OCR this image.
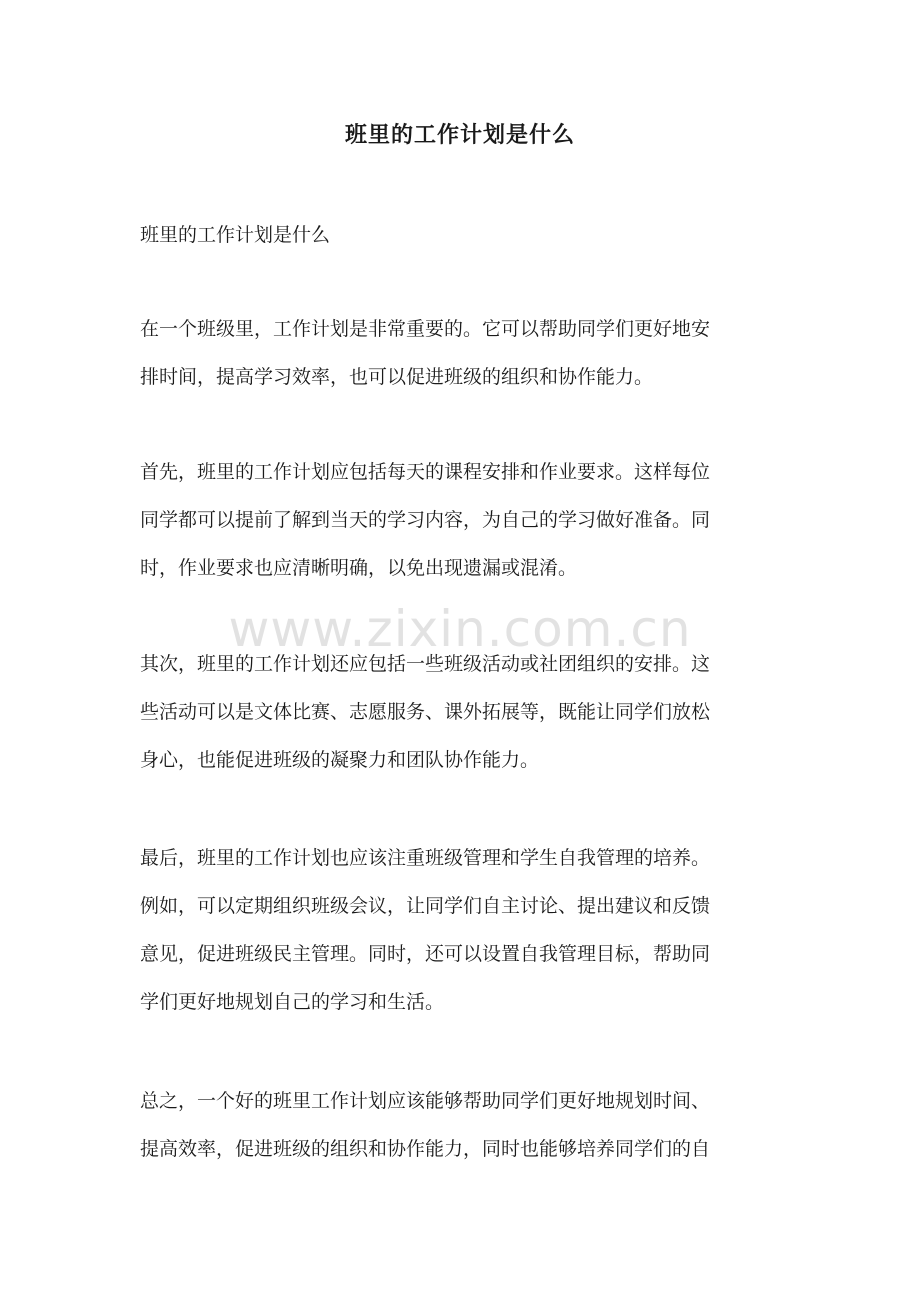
班里的工作计划是什么

班里的工作计划是什么

在一个班级里，工作计划是非常重要的。它可以帮助同学们更好地安
排时间，提高学习效率，也可以促进班级的组织和协作能力。
首先，班里的工作计划应包括每天的课程安排和作业要求。这样每位
同学都可以提前了解到当天的学习内容，为自己的学习做好准备。同
时，作业要求也应清晰明确，以免出现遗漏或混淆。
其次，班里的工作计划还应包括一些班级活动或社团组织的安排。这
些活动可以是文体比赛、志愿服务、课外拓展等，既能让同学们放松
身心，也能促进班级的凝聚力和团队协作能力。
最后，班里的工作计划也应该注重班级管理和学生自我管理的培养。
例如，可以定期组织班级会议，让同学们自主讨论、提出建议和反馈
意见，促进班级民主管理。同时，还可以设置自我管理目标，帮助同
学们更好地规划自己的学习和生活。
总之，一个好的班里工作计划应该能够帮助同学们更好地规划时间、
提高效率，促进班级的组织和协作能力，同时也能够培养同学们的自
www.zixin.com.cn
